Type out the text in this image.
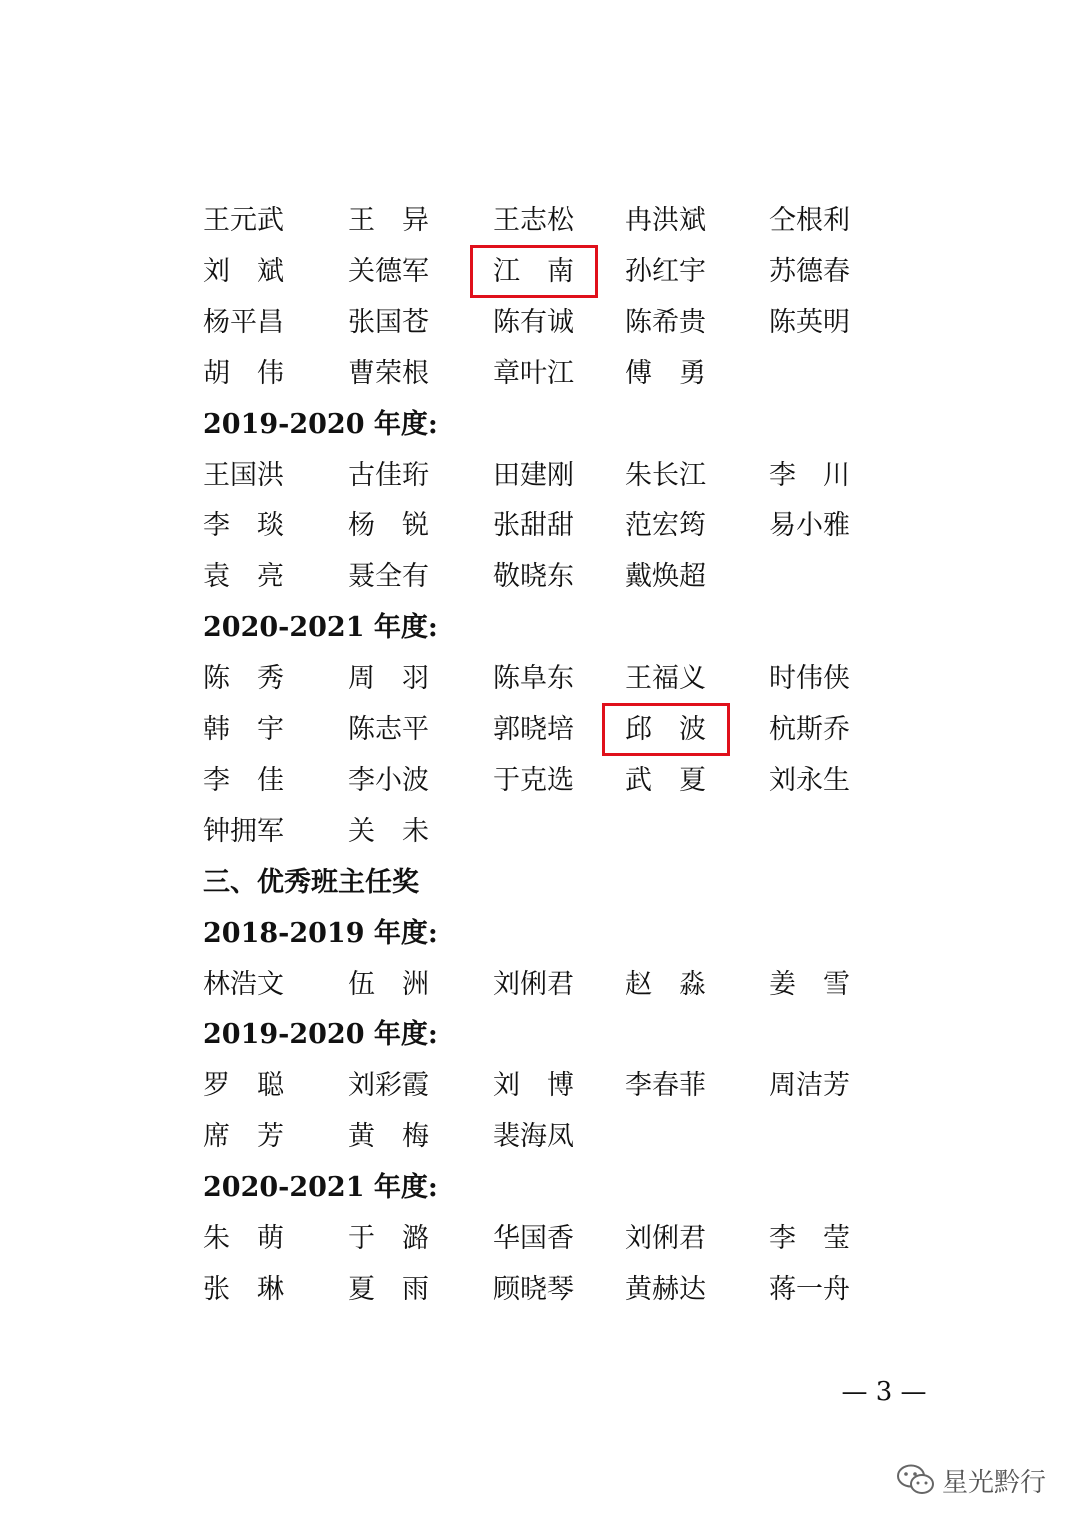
王元武 王　异 王志松 冉洪斌 仝根利
刘　斌 关德军 江　南 孙红宇 苏德春
杨平昌 张国苍 陈有诚 陈希贵 陈英明
胡　伟 曹荣根 章叶江 傅　勇
2019-2020 年度:
王国洪 古佳珩 田建刚 朱长江 李　川
李　琰 杨　锐 张甜甜 范宏筠 易小雅
袁　亮 聂全有 敬晓东 戴焕超
2020-2021 年度:
陈　秀 周　羽 陈阜东 王福义 时伟侠
韩　宇 陈志平 郭晓培 邱　波 杭斯乔
李　佳 李小波 于克选 武　夏 刘永生
钟拥军 关　未
三、优秀班主任奖
2018-2019 年度:
林浩文 伍　洲 刘俐君 赵　淼 姜　雪
2019-2020 年度:
罗　聪 刘彩霞 刘　博 李春菲 周洁芳
席　芳 黄　梅 裴海凤
2020-2021 年度:
朱　萌 于　潞 华国香 刘俐君 李　莹
张　琳 夏　雨 顾晓琴 黄赫达 蒋一舟
— 3 —
星光黔行
